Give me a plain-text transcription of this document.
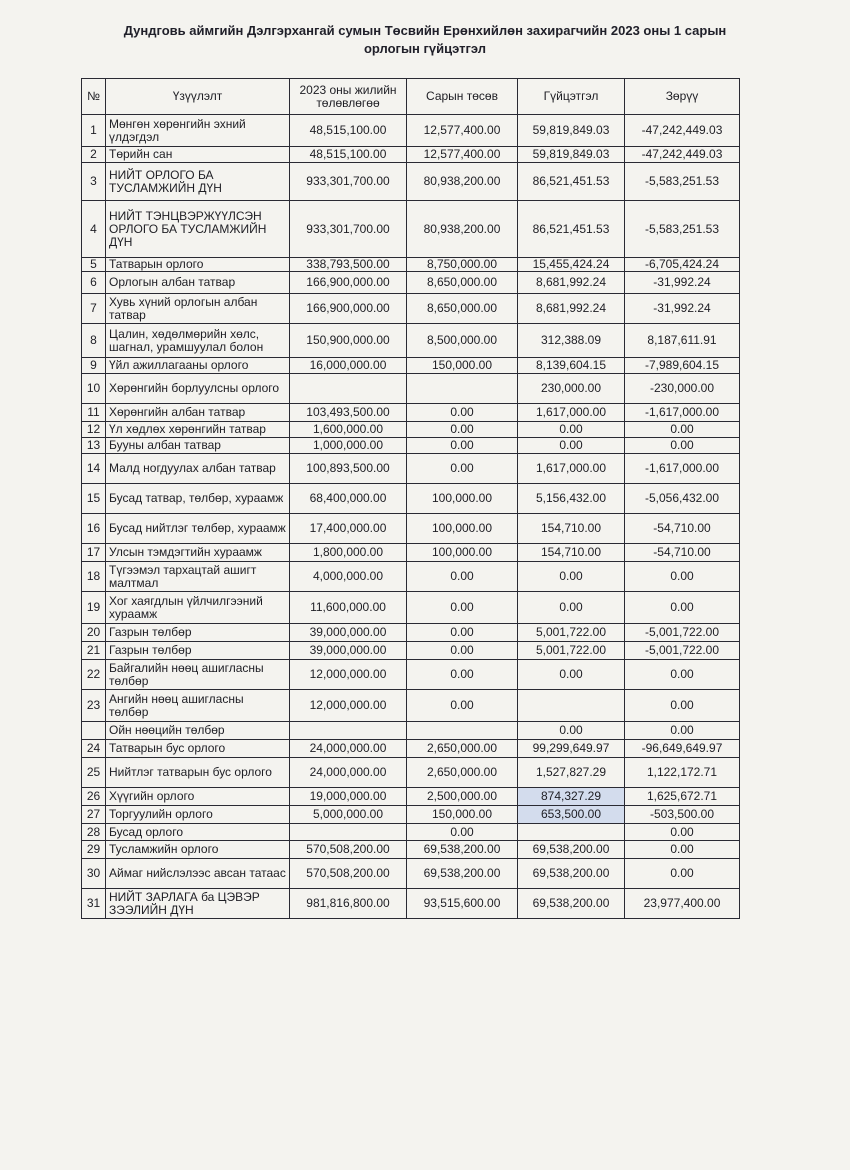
Дундговь аймгийн Дэлгэрхангай сумын Төсвийн Ерөнхийлөн захирагчийн 2023 оны 1 сарын
орлогын гүйцэтгэл
№	Үзүүлэлт	2023 оны жилийн төлөвлөгөө	Сарын төсөв	Гүйцэтгэл	Зөрүү
1	Мөнгөн хөрөнгийн эхний үлдэгдэл	48,515,100.00	12,577,400.00	59,819,849.03	-47,242,449.03
2	Төрийн сан	48,515,100.00	12,577,400.00	59,819,849.03	-47,242,449.03
3	НИЙТ ОРЛОГО БА ТУСЛАМЖИЙН ДҮН	933,301,700.00	80,938,200.00	86,521,451.53	-5,583,251.53
4	НИЙТ ТЭНЦВЭРЖҮҮЛСЭН ОРЛОГО БА ТУСЛАМЖИЙН ДҮН	933,301,700.00	80,938,200.00	86,521,451.53	-5,583,251.53
5	Татварын орлого	338,793,500.00	8,750,000.00	15,455,424.24	-6,705,424.24
6	Орлогын албан татвар	166,900,000.00	8,650,000.00	8,681,992.24	-31,992.24
7	Хувь хүний орлогын албан татвар	166,900,000.00	8,650,000.00	8,681,992.24	-31,992.24
8	Цалин, хөдөлмөрийн хөлс, шагнал, урамшуулал болон	150,900,000.00	8,500,000.00	312,388.09	8,187,611.91
9	Үйл ажиллагааны орлого	16,000,000.00	150,000.00	8,139,604.15	-7,989,604.15
10	Хөрөнгийн борлуулсны орлого			230,000.00	-230,000.00
11	Хөрөнгийн албан татвар	103,493,500.00	0.00	1,617,000.00	-1,617,000.00
12	Үл хөдлөх хөрөнгийн татвар	1,600,000.00	0.00	0.00	0.00
13	Бууны албан татвар	1,000,000.00	0.00	0.00	0.00
14	Малд ногдуулах албан татвар	100,893,500.00	0.00	1,617,000.00	-1,617,000.00
15	Бусад татвар, төлбөр, хураамж	68,400,000.00	100,000.00	5,156,432.00	-5,056,432.00
16	Бусад нийтлэг төлбөр, хураамж	17,400,000.00	100,000.00	154,710.00	-54,710.00
17	Улсын тэмдэгтийн хураамж	1,800,000.00	100,000.00	154,710.00	-54,710.00
18	Түгээмэл тархацтай ашигт малтмал	4,000,000.00	0.00	0.00	0.00
19	Хог хаягдлын үйлчилгээний хураамж	11,600,000.00	0.00	0.00	0.00
20	Газрын төлбөр	39,000,000.00	0.00	5,001,722.00	-5,001,722.00
21	Газрын төлбөр	39,000,000.00	0.00	5,001,722.00	-5,001,722.00
22	Байгалийн нөөц ашигласны төлбөр	12,000,000.00	0.00	0.00	0.00
23	Ангийн нөөц ашигласны төлбөр	12,000,000.00	0.00		0.00
	Ойн нөөцийн төлбөр			0.00	0.00
24	Татварын бус орлого	24,000,000.00	2,650,000.00	99,299,649.97	-96,649,649.97
25	Нийтлэг татварын бус орлого	24,000,000.00	2,650,000.00	1,527,827.29	1,122,172.71
26	Хүүгийн орлого	19,000,000.00	2,500,000.00	874,327.29	1,625,672.71
27	Торгуулийн орлого	5,000,000.00	150,000.00	653,500.00	-503,500.00
28	Бусад орлого		0.00		0.00
29	Тусламжийн орлого	570,508,200.00	69,538,200.00	69,538,200.00	0.00
30	Аймаг нийслэлээс авсан татаас	570,508,200.00	69,538,200.00	69,538,200.00	0.00
31	НИЙТ ЗАРЛАГА ба ЦЭВЭР ЗЭЭЛИЙН ДҮН	981,816,800.00	93,515,600.00	69,538,200.00	23,977,400.00
